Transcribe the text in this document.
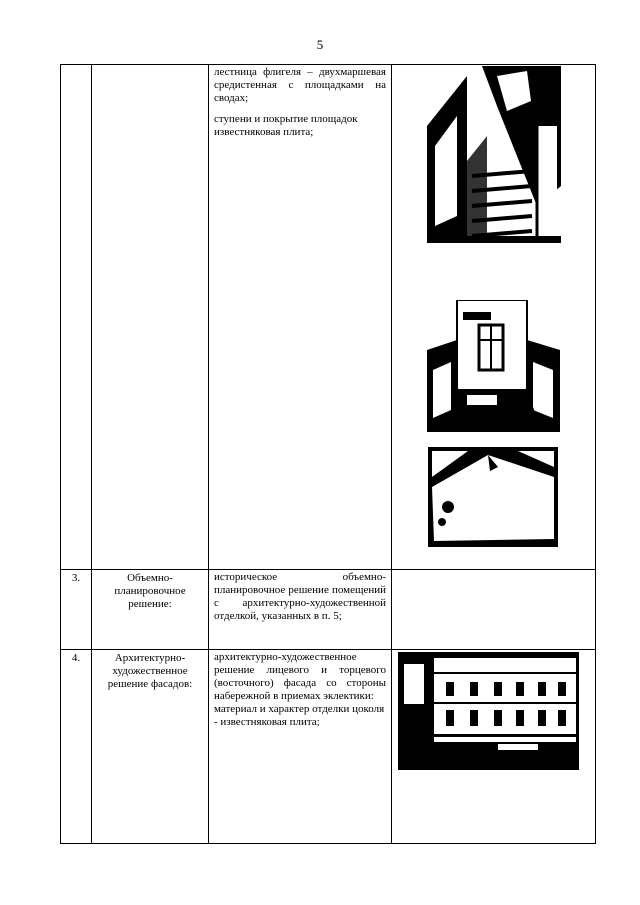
5

		лестница флигеля – двухмаршевая средистенная с площадками на сводах;

ступени и покрытие площадок известняковая плита;	

3.	Объемно-планировочное решение:	историческое объемно-планировочное решение помещений с архитектурно-художественной отделкой, указанных в п. 5;	

4.	Архитектурно-художественное решение фасадов:	архитектурно-художественное решение лицевого и торцевого (восточного) фасада со стороны набережной в приемах эклектики:

материал и характер отделки цоколя - известняковая плита;	
